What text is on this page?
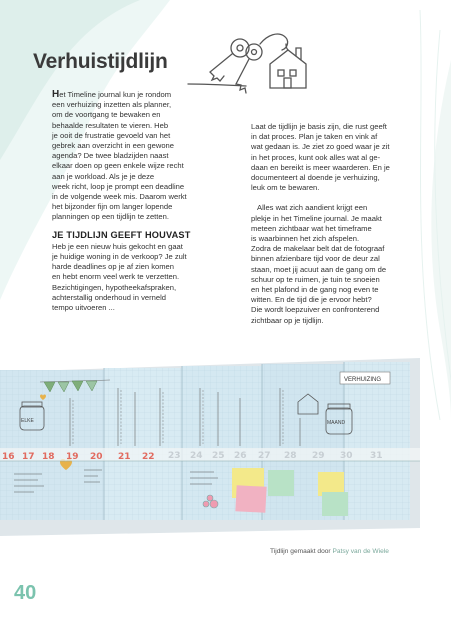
Verhuistijdlijn

Het Timeline journal kun je rondom
een verhuizing inzetten als planner,
om de voortgang te bewaken en
behaalde resultaten te vieren. Heb
je ooit de frustratie gevoeld van het
gebrek aan overzicht in een gewone
agenda? De twee bladzijden naast
elkaar doen op geen enkele wijze recht
aan je workload. Als je je deze
week richt, loop je prompt een deadline
in de volgende week mis. Daarom werkt
het bijzonder fijn om langer lopende
planningen op een tijdlijn te zetten.

JE TIJDLIJN GEEFT HOUVAST

Heb je een nieuw huis gekocht en gaat
je huidige woning in de verkoop? Je zult
harde deadlines op je af zien komen
en hebt enorm veel werk te verzetten.
Bezichtigingen, hypotheekafspraken,
achterstallig onderhoud in verneld
tempo uitvoeren ...

Laat de tijdlijn je basis zijn, die rust geeft
in dat proces. Plan je taken en vink af
wat gedaan is. Je ziet zo goed waar je zit
in het proces, kunt ook alles wat al ge-
daan en bereikt is meer waarderen. En je
documenteert al doende je verhuizing,
leuk om te bewaren.

Alles wat zich aandient krijgt een
plekje in het Timeline journal. Je maakt
meteen zichtbaar wat het timeframe
is waarbinnen het zich afspelen.
Zodra de makelaar belt dat de fotograaf
binnen afzienbare tijd voor de deur zal
staan, moet jij acuut aan de gang om de
schuur op te ruimen, je tuin te snoeien
en het plafond in de gang nog even te
witten. En de tijd die je ervoor hebt?
Die wordt loepzuiver en confronterend
zichtbaar op je tijdlijn.

ELKE	MAAND
VERHUIZING
16 17 18 19 20 21 22 23 24 25 26 27 28 29 30 31
Tijdlijn gemaakt door Patsy van de Wiele
40
